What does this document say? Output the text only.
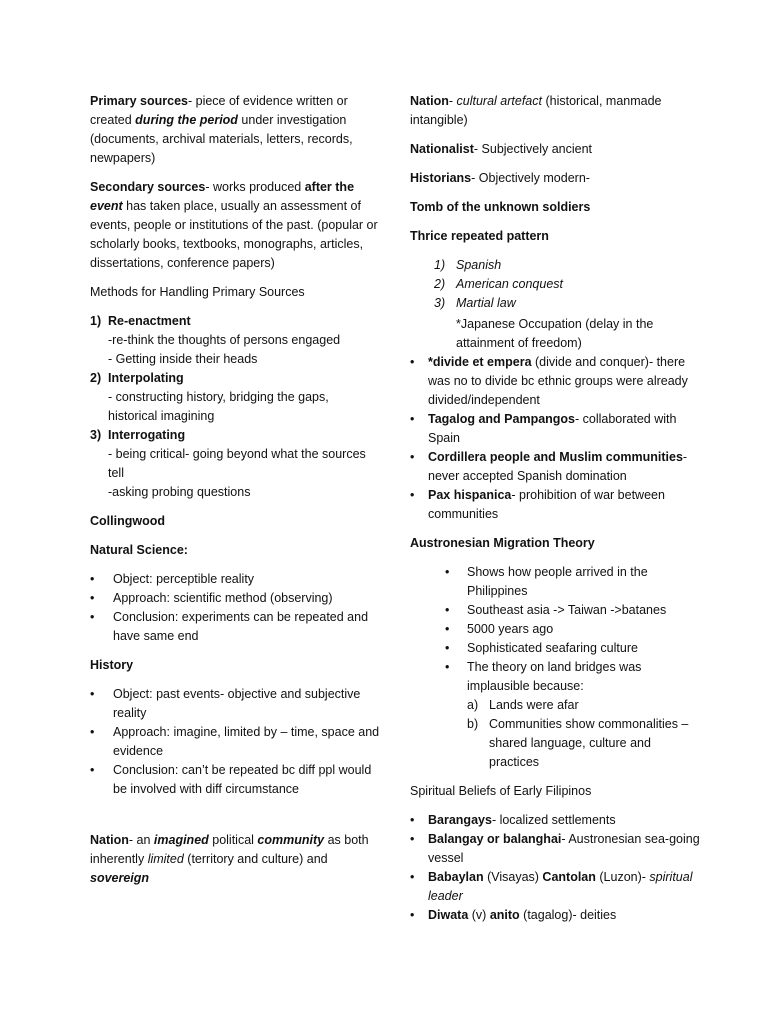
Primary sources- piece of evidence written or created during the period under investigation (documents, archival materials, letters, records, newpapers)

Secondary sources- works produced after the event has taken place, usually an assessment of events, people or institutions of the past. (popular or scholarly books, textbooks, monographs, articles, dissertations, conference papers)

Methods for Handling Primary Sources

1) Re-enactment
-re-think the thoughts of persons engaged
- Getting inside their heads
2) Interpolating
- constructing history, bridging the gaps, historical imagining
3) Interrogating
- being critical- going beyond what the sources tell
-asking probing questions

Collingwood

Natural Science:

• Object: perceptible reality
• Approach: scientific method (observing)
• Conclusion: experiments can be repeated and have same end

History

• Object: past events- objective and subjective reality
• Approach: imagine, limited by – time, space and evidence
• Conclusion: can’t be repeated bc diff ppl would be involved with diff circumstance

Nation- an imagined political community as both inherently limited (territory and culture) and sovereign

Nation- cultural artefact (historical, manmade intangible)

Nationalist- Subjectively ancient

Historians- Objectively modern-

Tomb of the unknown soldiers

Thrice repeated pattern

1) Spanish
2) American conquest
3) Martial law

*Japanese Occupation (delay in the attainment of freedom)

• *divide et empera (divide and conquer)- there was no to divide bc ethnic groups were already divided/independent
• Tagalog and Pampangos- collaborated with Spain
• Cordillera people and Muslim communities- never accepted Spanish domination
• Pax hispanica- prohibition of war between communities

Austronesian Migration Theory

• Shows how people arrived in the Philippines
• Southeast asia -> Taiwan ->batanes
• 5000 years ago
• Sophisticated seafaring culture
• The theory on land bridges was implausible because:
a) Lands were afar
b) Communities show commonalities – shared language, culture and practices

Spiritual Beliefs of Early Filipinos

• Barangays- localized settlements
• Balangay or balanghai- Austronesian sea-going vessel
• Babaylan (Visayas) Cantolan (Luzon)- spiritual leader
• Diwata (v) anito (tagalog)- deities
